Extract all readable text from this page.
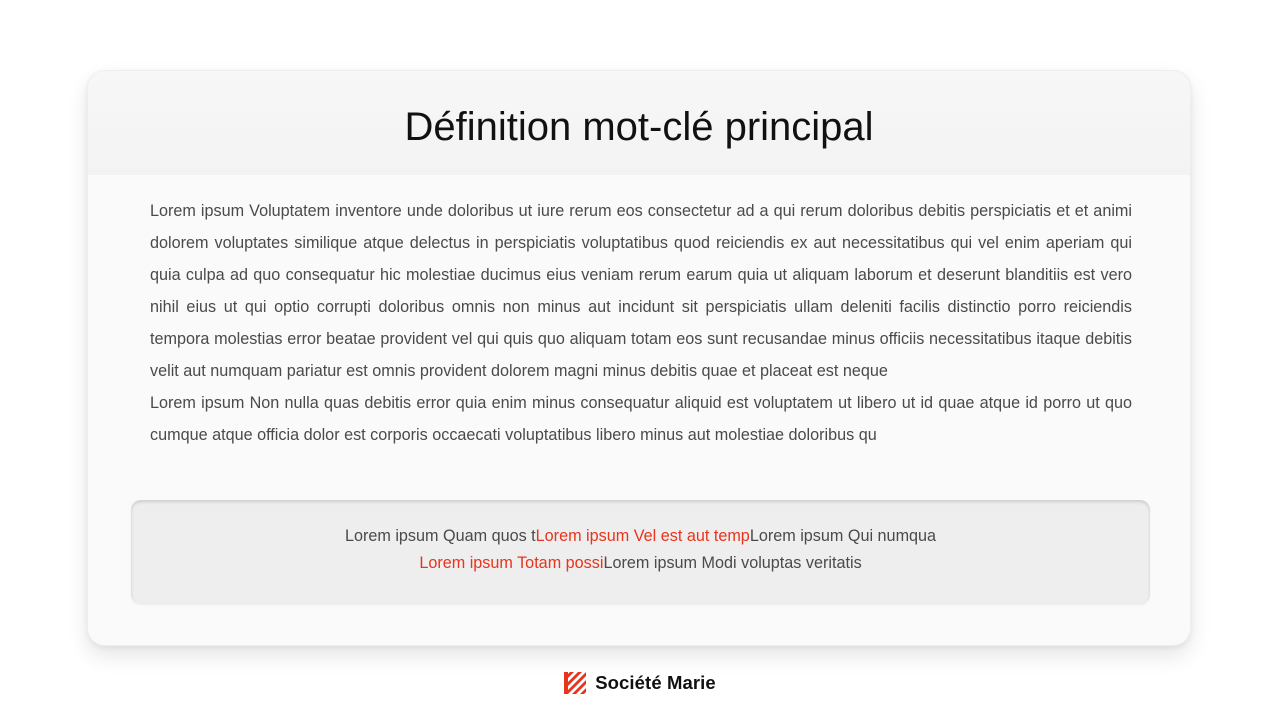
Définition mot-clé principal

Lorem ipsum Voluptatem inventore unde doloribus ut iure rerum eos consectetur ad a qui rerum doloribus debitis perspiciatis et et animi dolorem voluptates similique atque delectus in perspiciatis voluptatibus quod reiciendis ex aut necessitatibus qui vel enim aperiam qui quia culpa ad quo consequatur hic molestiae ducimus eius veniam rerum earum quia ut aliquam laborum et deserunt blanditiis est vero nihil eius ut qui optio corrupti doloribus omnis non minus aut incidunt sit perspiciatis ullam deleniti facilis distinctio porro reiciendis tempora molestias error beatae provident vel qui quis quo aliquam totam eos sunt recusandae minus officiis necessitatibus itaque debitis velit aut numquam pariatur est omnis provident dolorem magni minus debitis quae et placeat est neque

Lorem ipsum Non nulla quas debitis error quia enim minus consequatur aliquid est voluptatem ut libero ut id quae atque id porro ut quo cumque atque officia dolor est corporis occaecati voluptatibus libero minus aut molestiae doloribus qu

Lorem ipsum Quam quos tLorem ipsum Vel est aut tempLorem ipsum Qui numqua
Lorem ipsum Totam possiLorem ipsum Modi voluptas veritatis
Société Marie
